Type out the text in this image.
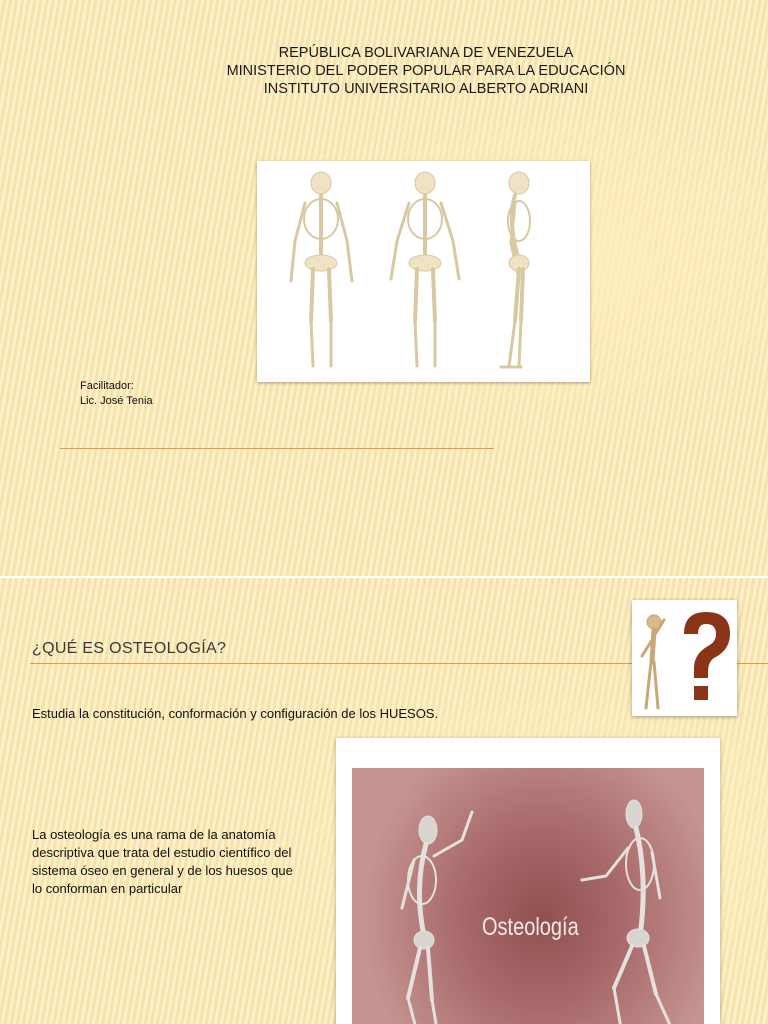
REPÚBLICA BOLIVARIANA DE VENEZUELA
MINISTERIO DEL PODER POPULAR PARA LA EDUCACIÓN
INSTITUTO UNIVERSITARIO ALBERTO ADRIANI
Facilitador:
Lic. José Tenia
¿QUÉ ES OSTEOLOGÍA?
Estudia la constitución, conformación y configuración de los HUESOS.
La osteología es una rama de la anatomía descriptiva que trata del estudio científico del sistema óseo en general y de los huesos que lo conforman en particular
Osteología
